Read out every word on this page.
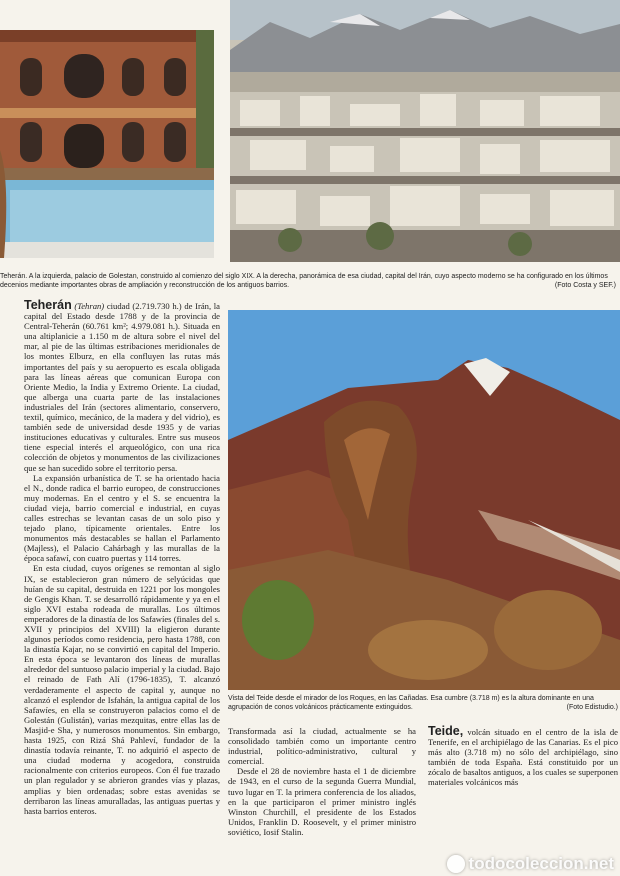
Teherán. A la izquierda, palacio de Golestan, construido al comienzo del siglo XIX. A la derecha, panorámica de esa ciudad, capital del Irán, cuyo aspecto moderno se ha configurado en los últimos decenios mediante importantes obras de ampliación y reconstrucción de los antiguos barrios.	(Foto Costa y SEF.)
Vista del Teide desde el mirador de los Roques, en las Cañadas. Esa cumbre (3.718 m) es la altura dominante en una agrupación de conos volcánicos prácticamente extinguidos.	(Foto Edistudio.)

Teherán (Tehran) ciudad (2.719.730 h.) de Irán, la capital del Estado desde 1788 y de la provincia de Central-Teherán (60.761 km²; 4.979.081 h.). Situada en una altiplanicie a 1.150 m de altura sobre el nivel del mar, al pie de las últimas estribaciones meridionales de los montes Elburz, en ella confluyen las rutas más importantes del país y su aeropuerto es escala obligada para las líneas aéreas que comunican Europa con Oriente Medio, la India y Extremo Oriente. La ciudad, que alberga una cuarta parte de las instalaciones industriales del Irán (sectores alimentario, conservero, textil, químico, mecánico, de la madera y del vidrio), es también sede de universidad desde 1935 y de varias instituciones educativas y culturales. Entre sus museos tiene especial interés el arqueológico, con una rica colección de objetos y monumentos de las civilizaciones que se han sucedido sobre el territorio persa.

La expansión urbanística de T. se ha orientado hacia el N., donde radica el barrio europeo, de construcciones muy modernas. En el centro y el S. se encuentra la ciudad vieja, barrio comercial e industrial, en cuyas calles estrechas se levantan casas de un solo piso y tejado plano, típicamente orientales. Entre los monumentos más destacables se hallan el Parlamento (Majless), el Palacio Cahárbagh y las murallas de la época safawí, con cuatro puertas y 114 torres.

En esta ciudad, cuyos orígenes se remontan al siglo IX, se establecieron gran número de selyúcidas que huían de su capital, destruida en 1221 por los mongoles de Gengis Khan. T. se desarrolló rápidamente y ya en el siglo XVI estaba rodeada de murallas. Los últimos emperadores de la dinastía de los Safawíes (finales del s. XVII y principios del XVIII) la eligieron durante algunos períodos como residencia, pero hasta 1788, con la dinastía Kajar, no se convirtió en capital del Imperio. En esta época se levantaron dos líneas de murallas alrededor del suntuoso palacio imperial y la ciudad. Bajo el reinado de Fath Alí (1796-1835), T. alcanzó verdaderamente el aspecto de capital y, aunque no alcanzó el esplendor de Isfahán, la antigua capital de los Safawíes, en ella se construyeron palacios como el de Golestán (Gulistán), varias mezquitas, entre ellas las de Masjid-e Sha, y numerosos monumentos. Sin embargo, hasta 1925, con Rizá Shá Pahleví, fundador de la dinastía todavía reinante, T. no adquirió el aspecto de una ciudad moderna y acogedora, construida racionalmente con criterios europeos. Con él fue trazado un plan regulador y se abrieron grandes vías y plazas, amplias y bien ordenadas; sobre estas avenidas se derribaron las líneas amuralladas, las antiguas puertas y hasta barrios enteros.

Transformada así la ciudad, actualmente se ha consolidado también como un importante centro industrial, político-administrativo, cultural y comercial.

Desde el 28 de noviembre hasta el 1 de diciembre de 1943, en el curso de la segunda Guerra Mundial, tuvo lugar en T. la primera conferencia de los aliados, en la que participaron el primer ministro inglés Winston Churchill, el presidente de los Estados Unidos, Franklin D. Roosevelt, y el primer ministro soviético, Iosif Stalin.

Teide, volcán situado en el centro de la isla de Tenerife, en el archipiélago de las Canarias. Es el pico más alto (3.718 m) no sólo del archipiélago, sino también de toda España. Está constituido por un zócalo de basaltos antiguos, a los cuales se superponen materiales volcánicos más

todocoleccion.net
